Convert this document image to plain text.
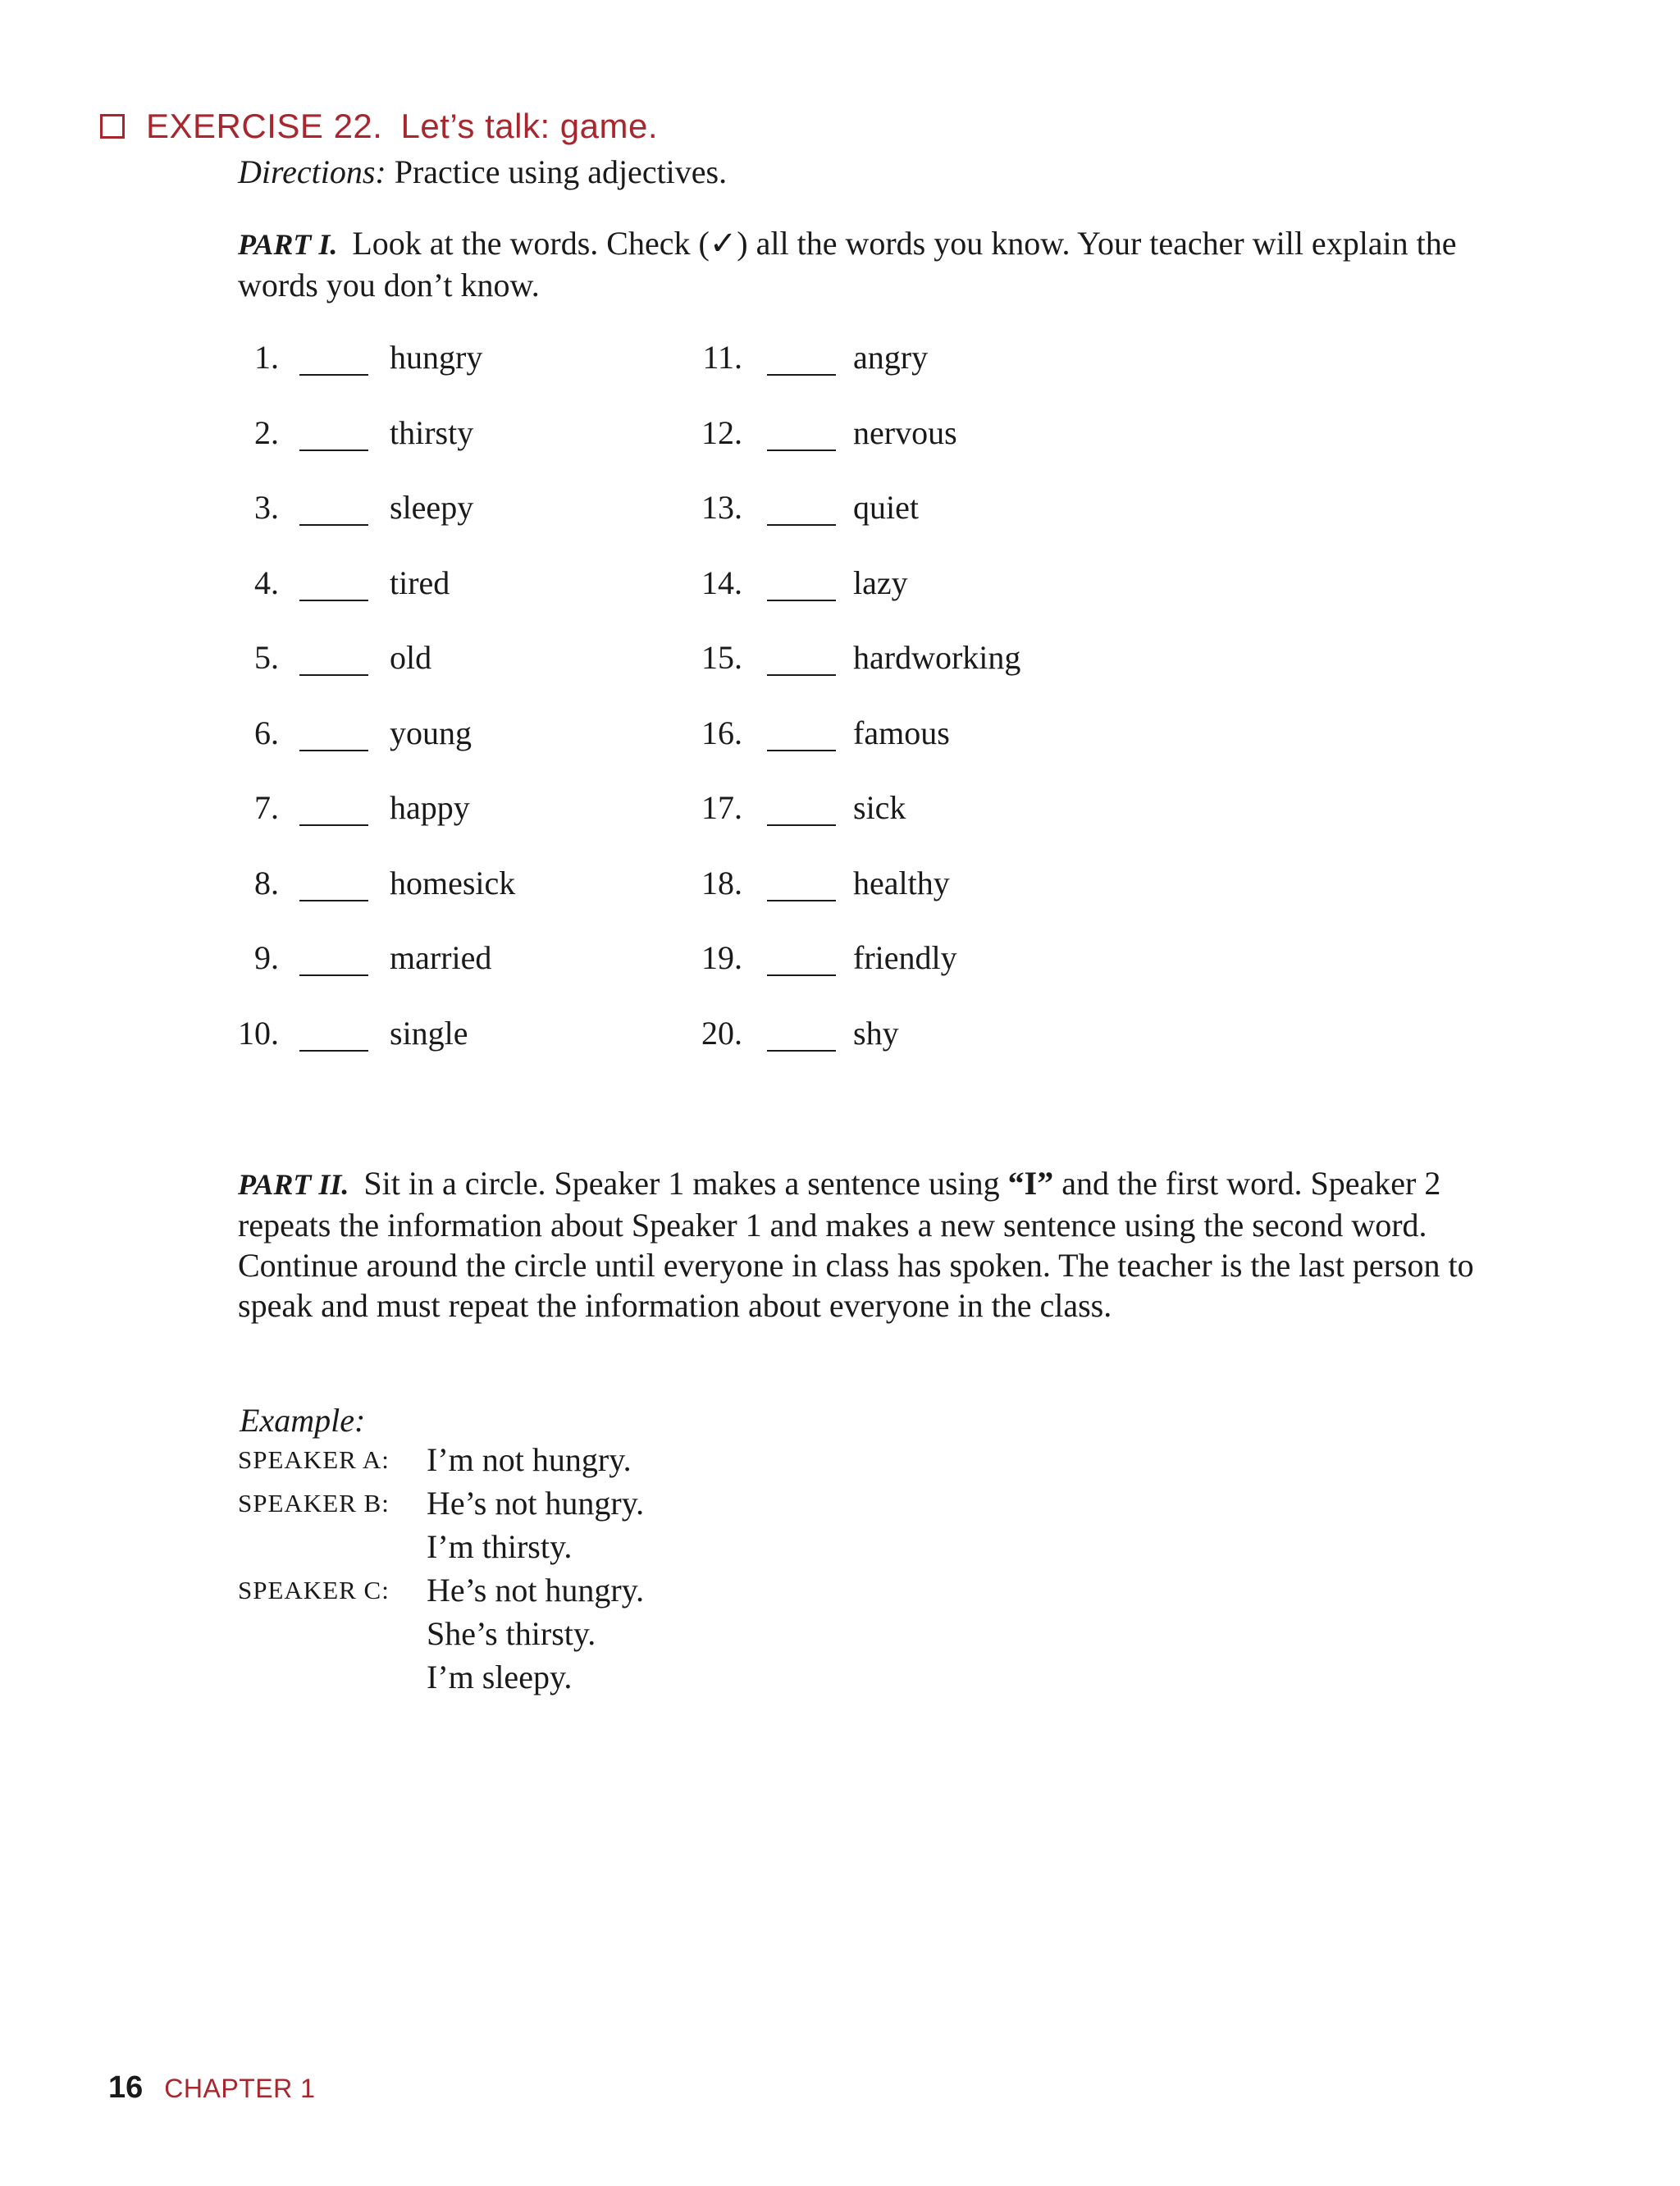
EXERCISE 22. Let’s talk: game.
Directions: Practice using adjectives.
PART I. Look at the words. Check (✓) all the words you know. Your teacher will explain the words you don’t know.
1.	hungry
2.	thirsty
3.	sleepy
4.	tired
5.	old
6.	young
7.	happy
8.	homesick
9.	married
10.	single
11.	angry
12.	nervous
13.	quiet
14.	lazy
15.	hardworking
16.	famous
17.	sick
18.	healthy
19.	friendly
20.	shy
PART II. Sit in a circle. Speaker 1 makes a sentence using “I” and the first word. Speaker 2 repeats the information about Speaker 1 and makes a new sentence using the second word. Continue around the circle until everyone in class has spoken. The teacher is the last person to speak and must repeat the information about everyone in the class.
Example:
SPEAKER A: I’m not hungry.
SPEAKER B: He’s not hungry.
I’m thirsty.
SPEAKER C: He’s not hungry.
She’s thirsty.
I’m sleepy.
16 CHAPTER 1
